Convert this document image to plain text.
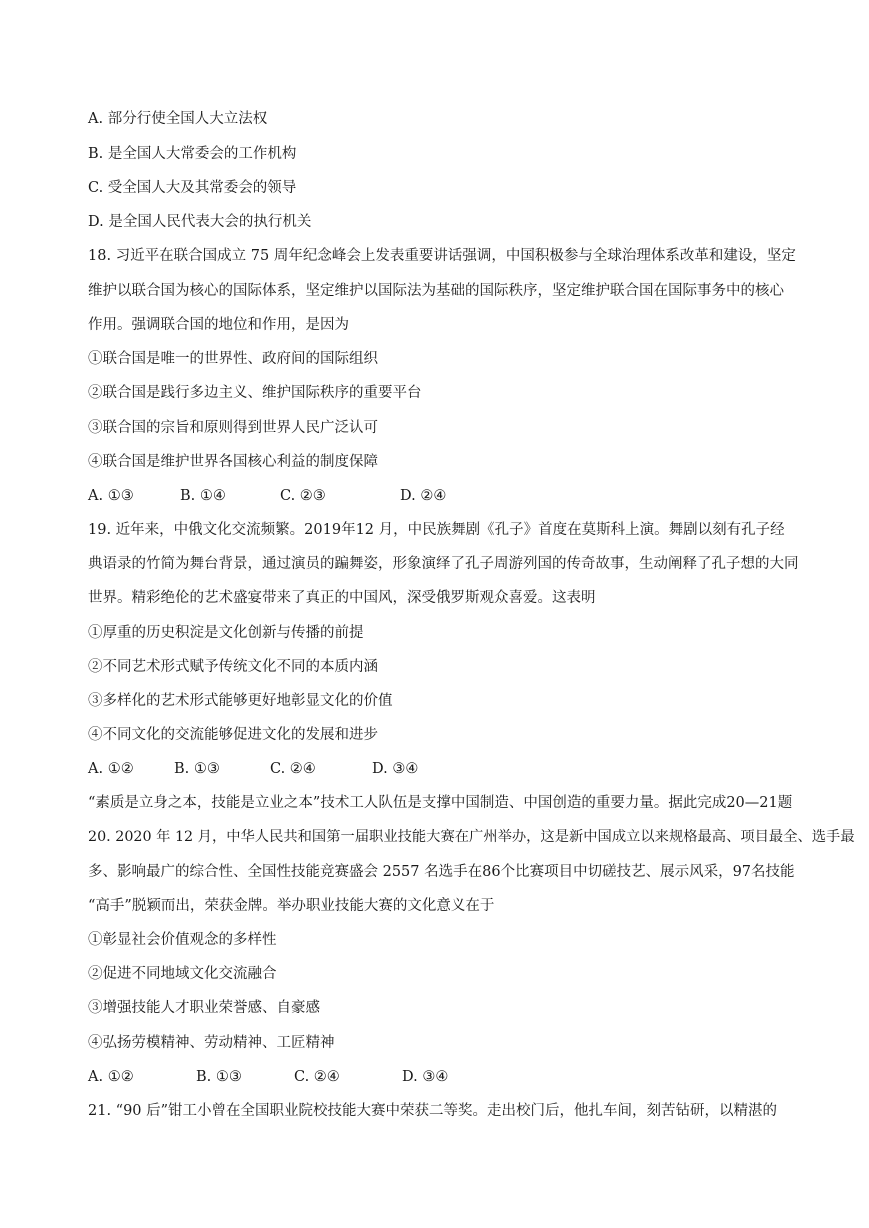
A. 部分行使全国人大立法权
B. 是全国人大常委会的工作机构
C. 受全国人大及其常委会的领导
D. 是全国人民代表大会的执行机关
18. 习近平在联合国成立 75 周年纪念峰会上发表重要讲话强调，中国积极参与全球治理体系改革和建设，坚定
维护以联合国为核心的国际体系，坚定维护以国际法为基础的国际秩序，坚定维护联合国在国际事务中的核心
作用。强调联合国的地位和作用，是因为
①联合国是唯一的世界性、政府间的国际组织
②联合国是践行多边主义、维护国际秩序的重要平台
③联合国的宗旨和原则得到世界人民广泛认可
④联合国是维护世界各国核心利益的制度保障
A. ①③	B. ①④	C. ②③	D. ②④
19. 近年来，中俄文化交流频繁。2019年12 月，中民族舞剧《孔子》首度在莫斯科上演。舞剧以刻有孔子经
典语录的竹简为舞台背景，通过演员的蹁舞姿，形象演绎了孔子周游列国的传奇故事，生动阐释了孔子想的大同
世界。精彩绝伦的艺术盛宴带来了真正的中国风，深受俄罗斯观众喜爱。这表明
①厚重的历史积淀是文化创新与传播的前提
②不同艺术形式赋予传统文化不同的本质内涵
③多样化的艺术形式能够更好地彰显文化的价值
④不同文化的交流能够促进文化的发展和进步
A. ①②	B. ①③	C. ②④	D. ③④
“素质是立身之本，技能是立业之本”技术工人队伍是支撑中国制造、中国创造的重要力量。据此完成20—21题
20. 2020 年 12 月，中华人民共和国第一届职业技能大赛在广州举办，这是新中国成立以来规格最高、项目最全、选手最
多、影响最广的综合性、全国性技能竞赛盛会 2557 名选手在86个比赛项目中切磋技艺、展示风采，97名技能
“高手”脱颖而出，荣获金牌。举办职业技能大赛的文化意义在于
①彰显社会价值观念的多样性
②促进不同地域文化交流融合
③增强技能人才职业荣誉感、自豪感
④弘扬劳模精神、劳动精神、工匠精神
A. ①②	B. ①③	C. ②④	D. ③④
21. “90 后”钳工小曾在全国职业院校技能大赛中荣获二等奖。走出校门后，他扎车间，刻苦钻研，以精湛的
